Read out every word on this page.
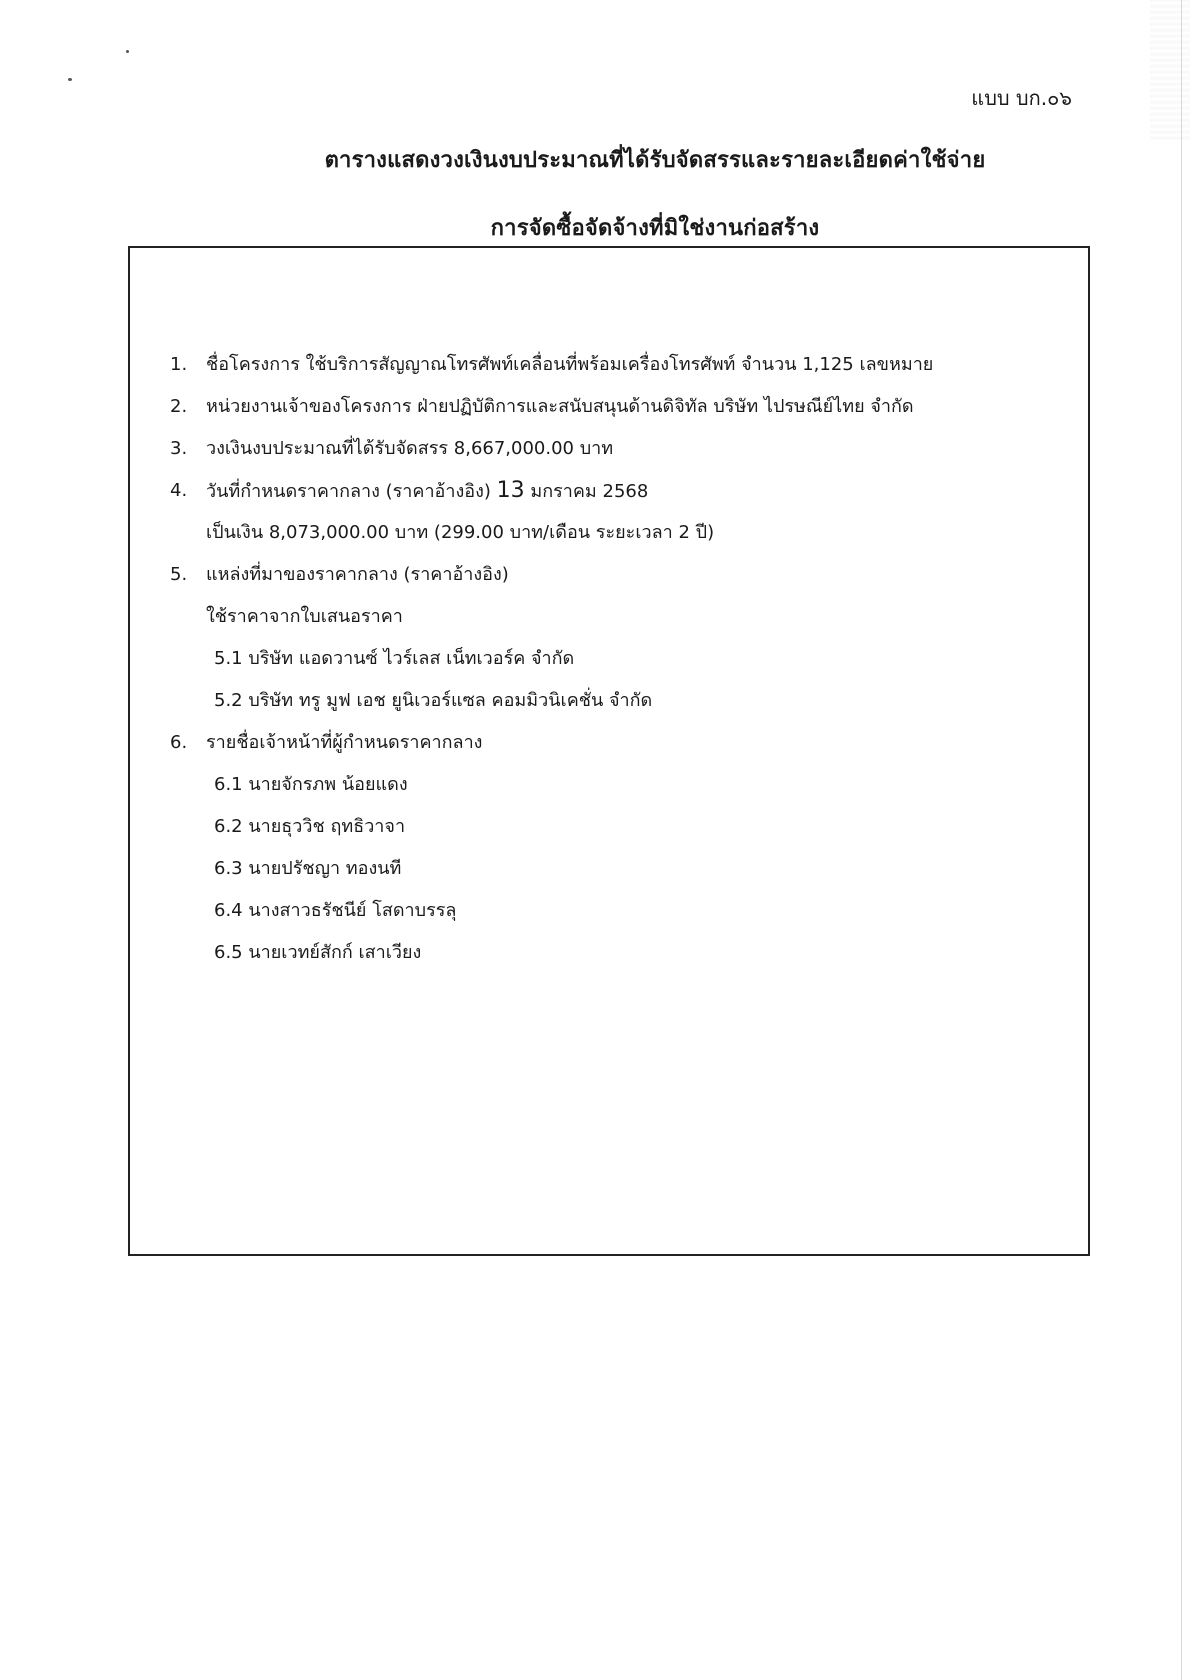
แบบ บก.๐๖
ตารางแสดงวงเงินงบประมาณที่ได้รับจัดสรรและรายละเอียดค่าใช้จ่าย
การจัดซื้อจัดจ้างที่มิใช่งานก่อสร้าง
1.	ชื่อโครงการ ใช้บริการสัญญาณโทรศัพท์เคลื่อนที่พร้อมเครื่องโทรศัพท์ จำนวน 1,125 เลขหมาย
2.	หน่วยงานเจ้าของโครงการ ฝ่ายปฏิบัติการและสนับสนุนด้านดิจิทัล บริษัท ไปรษณีย์ไทย จำกัด
3.	วงเงินงบประมาณที่ได้รับจัดสรร 8,667,000.00 บาท
4.	วันที่กำหนดราคากลาง (ราคาอ้างอิง) 13 มกราคม 2568
เป็นเงิน 8,073,000.00 บาท (299.00 บาท/เดือน ระยะเวลา 2 ปี)
5.	แหล่งที่มาของราคากลาง (ราคาอ้างอิง)
ใช้ราคาจากใบเสนอราคา
5.1 บริษัท แอดวานซ์ ไวร์เลส เน็ทเวอร์ค จำกัด
5.2 บริษัท ทรู มูฟ เอช ยูนิเวอร์แซล คอมมิวนิเคชั่น จำกัด
6.	รายชื่อเจ้าหน้าที่ผู้กำหนดราคากลาง
6.1 นายจักรภพ น้อยแดง
6.2 นายธุววิช ฤทธิวาจา
6.3 นายปรัชญา ทองนที
6.4 นางสาวธรัชนีย์ โสดาบรรลุ
6.5 นายเวทย์สักก์ เสาเวียง
